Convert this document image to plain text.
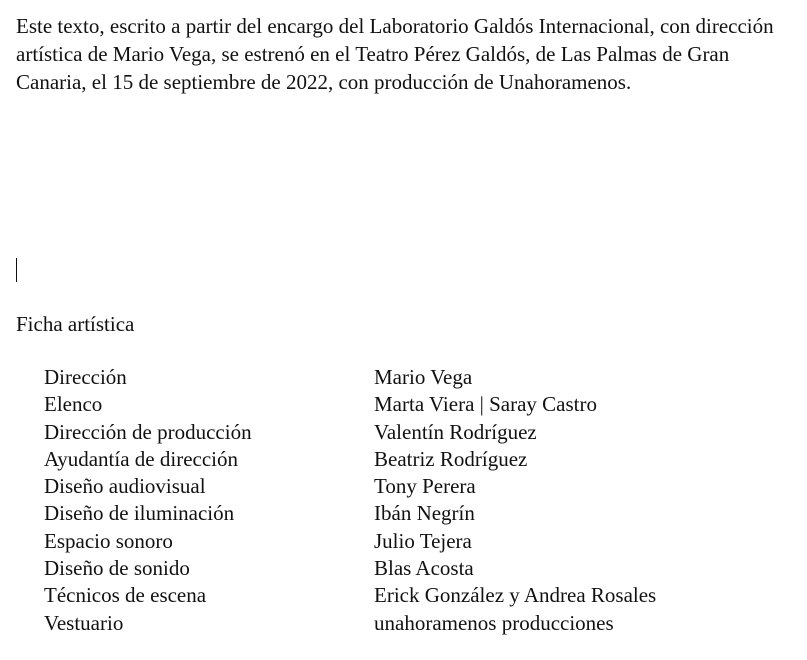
Este texto, escrito a partir del encargo del Laboratorio Galdós Internacional, con dirección artística de Mario Vega, se estrenó en el Teatro Pérez Galdós, de Las Palmas de Gran Canaria, el 15 de septiembre de 2022, con producción de Unahoramenos.

Ficha artística

Dirección	Mario Vega
Elenco	Marta Viera | Saray Castro
Dirección de producción	Valentín Rodríguez
Ayudantía de dirección	Beatriz Rodríguez
Diseño audiovisual	Tony Perera
Diseño de iluminación	Ibán Negrín
Espacio sonoro	Julio Tejera
Diseño de sonido	Blas Acosta
Técnicos de escena	Erick González y Andrea Rosales
Vestuario	unahoramenos producciones
